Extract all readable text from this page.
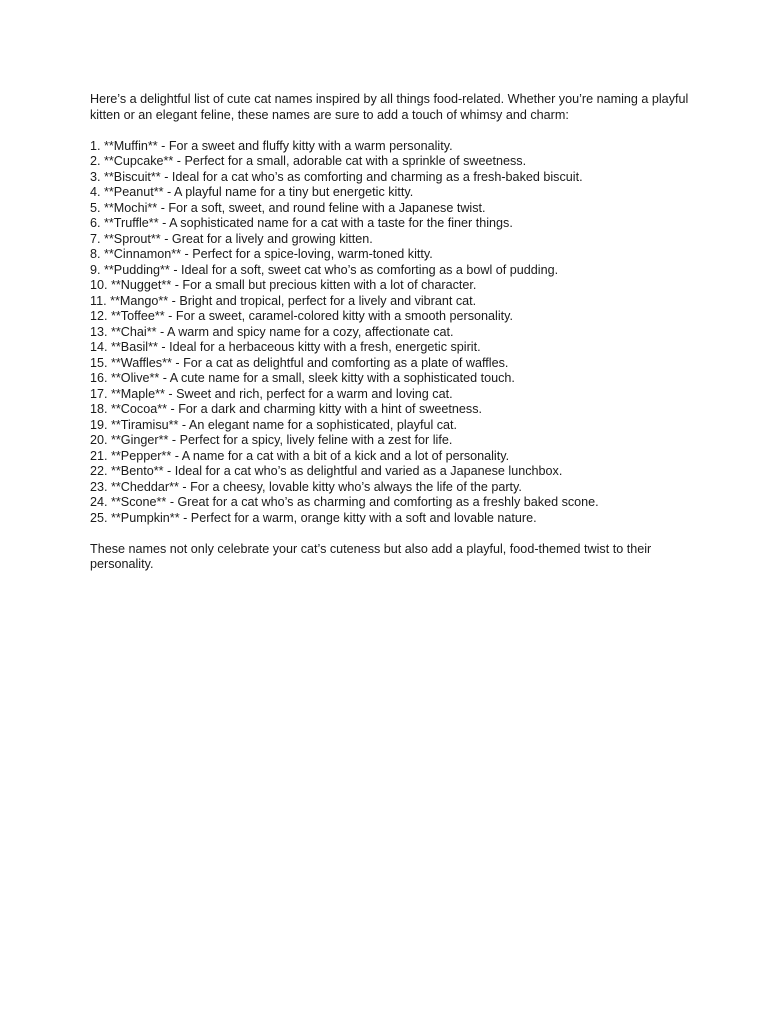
Here’s a delightful list of cute cat names inspired by all things food-related. Whether you’re naming a playful kitten or an elegant feline, these names are sure to add a touch of whimsy and charm:

1. **Muffin** - For a sweet and fluffy kitty with a warm personality.
2. **Cupcake** - Perfect for a small, adorable cat with a sprinkle of sweetness.
3. **Biscuit** - Ideal for a cat who’s as comforting and charming as a fresh-baked biscuit.
4. **Peanut** - A playful name for a tiny but energetic kitty.
5. **Mochi** - For a soft, sweet, and round feline with a Japanese twist.
6. **Truffle** - A sophisticated name for a cat with a taste for the finer things.
7. **Sprout** - Great for a lively and growing kitten.
8. **Cinnamon** - Perfect for a spice-loving, warm-toned kitty.
9. **Pudding** - Ideal for a soft, sweet cat who’s as comforting as a bowl of pudding.
10. **Nugget** - For a small but precious kitten with a lot of character.
11. **Mango** - Bright and tropical, perfect for a lively and vibrant cat.
12. **Toffee** - For a sweet, caramel-colored kitty with a smooth personality.
13. **Chai** - A warm and spicy name for a cozy, affectionate cat.
14. **Basil** - Ideal for a herbaceous kitty with a fresh, energetic spirit.
15. **Waffles** - For a cat as delightful and comforting as a plate of waffles.
16. **Olive** - A cute name for a small, sleek kitty with a sophisticated touch.
17. **Maple** - Sweet and rich, perfect for a warm and loving cat.
18. **Cocoa** - For a dark and charming kitty with a hint of sweetness.
19. **Tiramisu** - An elegant name for a sophisticated, playful cat.
20. **Ginger** - Perfect for a spicy, lively feline with a zest for life.
21. **Pepper** - A name for a cat with a bit of a kick and a lot of personality.
22. **Bento** - Ideal for a cat who’s as delightful and varied as a Japanese lunchbox.
23. **Cheddar** - For a cheesy, lovable kitty who’s always the life of the party.
24. **Scone** - Great for a cat who’s as charming and comforting as a freshly baked scone.
25. **Pumpkin** - Perfect for a warm, orange kitty with a soft and lovable nature.

These names not only celebrate your cat’s cuteness but also add a playful, food-themed twist to their personality.
